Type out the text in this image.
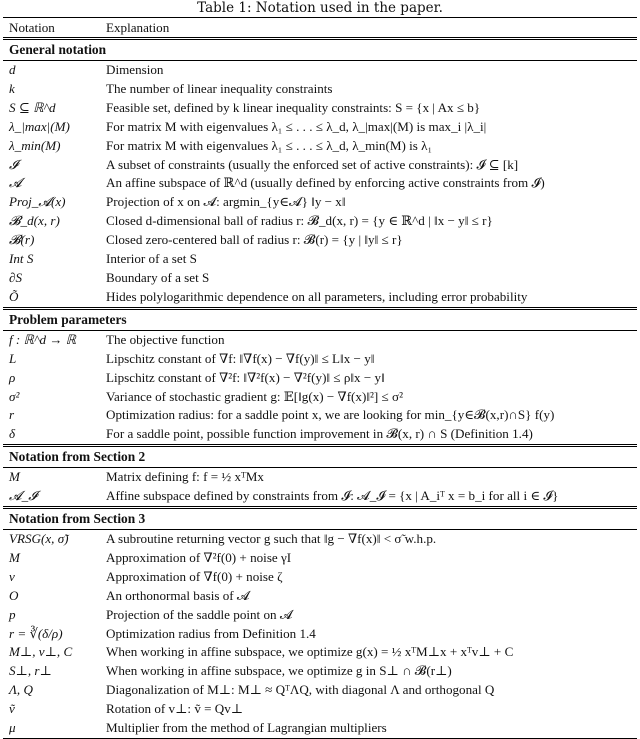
Table 1: Notation used in the paper.
Notation	Explanation
General notation	
d	Dimension
k	The number of linear inequality constraints
S ⊆ ℝ^d	Feasible set, defined by k linear inequality constraints: S = {x | Ax ≤ b}
λ_|max|(M)	For matrix M with eigenvalues λ₁ ≤ . . . ≤ λ_d, λ_|max|(M) is max_i |λ_i|
λ_min(M)	For matrix M with eigenvalues λ₁ ≤ . . . ≤ λ_d, λ_min(M) is λ₁
𝓘	A subset of constraints (usually the enforced set of active constraints): 𝓘 ⊆ [k]
𝓐	An affine subspace of ℝ^d (usually defined by enforcing active constraints from 𝓘)
Proj_𝓐(x)	Projection of x on 𝓐: argmin_{y∈𝓐} ‖y − x‖
𝓑_d(x, r)	Closed d-dimensional ball of radius r: 𝓑_d(x, r) = {y ∈ ℝ^d | ‖x − y‖ ≤ r}
𝓑(r)	Closed zero-centered ball of radius r: 𝓑(r) = {y | ‖y‖ ≤ r}
Int S	Interior of a set S
∂S	Boundary of a set S
Õ	Hides polylogarithmic dependence on all parameters, including error probability
Problem parameters	
f : ℝ^d → ℝ	The objective function
L	Lipschitz constant of ∇f: ‖∇f(x) − ∇f(y)‖ ≤ L‖x − y‖
ρ	Lipschitz constant of ∇²f: ‖∇²f(x) − ∇²f(y)‖ ≤ ρ‖x − y‖
σ²	Variance of stochastic gradient g: 𝔼[‖g(x) − ∇f(x)‖²] ≤ σ²
r	Optimization radius: for a saddle point x, we are looking for min_{y∈𝓑(x,r)∩S} f(y)
δ	For a saddle point, possible function improvement in 𝓑(x, r) ∩ S (Definition 1.4)
Notation from Section 2	
M	Matrix defining f: f = ½ xᵀMx
𝓐_𝓘	Affine subspace defined by constraints from 𝓘: 𝓐_𝓘 = {x | A_iᵀ x = b_i for all i ∈ 𝓘}
Notation from Section 3	
VRSG(x, σ̃)	A subroutine returning vector g such that ‖g − ∇f(x)‖ < σ̃ w.h.p.
M	Approximation of ∇²f(0) + noise γI
v	Approximation of ∇f(0) + noise ζ
O	An orthonormal basis of 𝓐
p	Projection of the saddle point on 𝓐
r = ∛(δ/ρ)	Optimization radius from Definition 1.4
M⊥, v⊥, C	When working in affine subspace, we optimize g(x) = ½ xᵀM⊥x + xᵀv⊥ + C
S⊥, r⊥	When working in affine subspace, we optimize g in S⊥ ∩ 𝓑(r⊥)
Λ, Q	Diagonalization of M⊥: M⊥ ≈ QᵀΛQ, with diagonal Λ and orthogonal Q
ṽ	Rotation of v⊥: ṽ = Qv⊥
μ	Multiplier from the method of Lagrangian multipliers
